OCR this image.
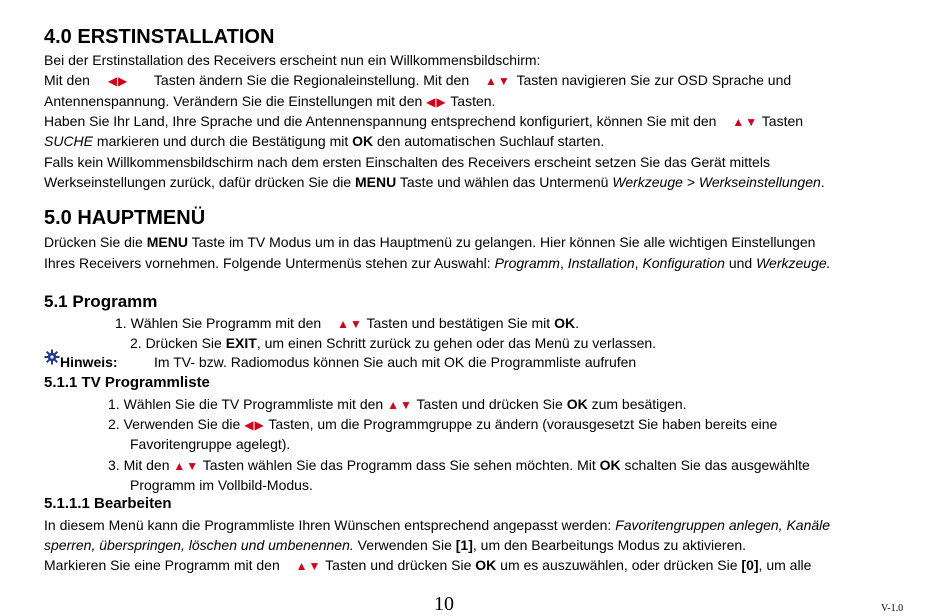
4.0 ERSTINSTALLATION
Bei der Erstinstallation des Receivers erscheint nun ein Willkommensbildschirm:
Mit den ◀▶ Tasten ändern Sie die Regionaleinstellung. Mit den ▲▼ Tasten navigieren Sie zur OSD Sprache und
Antennenspannung. Verändern Sie die Einstellungen mit den ◀▶ Tasten.
Haben Sie Ihr Land, Ihre Sprache und die Antennenspannung entsprechend konfiguriert, können Sie mit den ▲▼ Tasten
SUCHE markieren und durch die Bestätigung mit OK den automatischen Suchlauf starten.
Falls kein Willkommensbildschirm nach dem ersten Einschalten des Receivers erscheint setzen Sie das Gerät mittels
Werkseinstellungen zurück, dafür drücken Sie die MENU Taste und wählen das Untermenü Werkzeuge > Werkseinstellungen.
5.0 HAUPTMENÜ
Drücken Sie die MENU Taste im TV Modus um in das Hauptmenü zu gelangen. Hier können Sie alle wichtigen Einstellungen
Ihres Receivers vornehmen. Folgende Untermenüs stehen zur Auswahl: Programm, Installation, Konfiguration und Werkzeuge.
5.1 Programm
1. Wählen Sie Programm mit den ▲▼ Tasten und bestätigen Sie mit OK.
2. Drücken Sie EXIT, um einen Schritt zurück zu gehen oder das Menü zu verlassen.
Hinweis:	Im TV- bzw. Radiomodus können Sie auch mit OK die Programmliste aufrufen
5.1.1 TV Programmliste
1. Wählen Sie die TV Programmliste mit den ▲▼ Tasten und drücken Sie OK zum besätigen.
2. Verwenden Sie die ◀▶ Tasten, um die Programmgruppe zu ändern (vorausgesetzt Sie haben bereits eine
Favoritengruppe agelegt).
3. Mit den ▲▼ Tasten wählen Sie das Programm dass Sie sehen möchten. Mit OK schalten Sie das ausgewählte
Programm im Vollbild-Modus.
5.1.1.1 Bearbeiten
In diesem Menü kann die Programmliste Ihren Wünschen entsprechend angepasst werden: Favoritengruppen anlegen, Kanäle
sperren, überspringen, löschen und umbenennen. Verwenden Sie [1], um den Bearbeitungs Modus zu aktivieren.
Markieren Sie eine Programm mit den ▲▼ Tasten und drücken Sie OK um es auszuwählen, oder drücken Sie [0], um alle
10	V-1.0
